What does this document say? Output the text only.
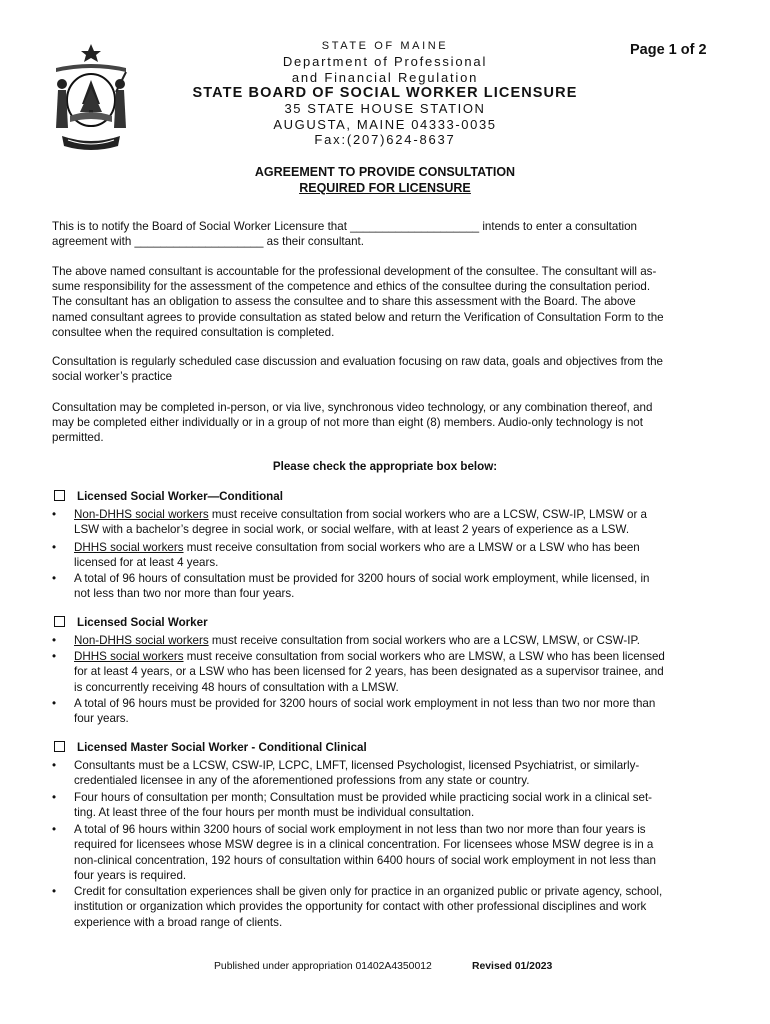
STATE OF MAINE
Department of Professional
and Financial Regulation
STATE BOARD OF SOCIAL WORKER LICENSURE
35 STATE HOUSE STATION
AUGUSTA, MAINE 04333-0035
Fax:(207)624-8637
Page 1 of 2
AGREEMENT TO PROVIDE CONSULTATION
REQUIRED FOR LICENSURE
This is to notify the Board of Social Worker Licensure that ____________________ intends to enter a consultation
agreement with ____________________ as their consultant.
The above named consultant is accountable for the professional development of the consultee. The consultant will as-
sume responsibility for the assessment of the competence and ethics of the consultee during the consultation period.
The consultant has an obligation to assess the consultee and to share this assessment with the Board. The above
named consultant agrees to provide consultation as stated below and return the Verification of Consultation Form to the
consultee when the required consultation is completed.
Consultation is regularly scheduled case discussion and evaluation focusing on raw data, goals and objectives from the
social worker’s practice
Consultation may be completed in-person, or via live, synchronous video technology, or any combination thereof, and
may be completed either individually or in a group of not more than eight (8) members. Audio-only technology is not
permitted.
Please check the appropriate box below:
Licensed Social Worker—Conditional
•	Non-DHHS social workers must receive consultation from social workers who are a LCSW, CSW-IP, LMSW or a
LSW with a bachelor’s degree in social work, or social welfare, with at least 2 years of experience as a LSW.
•	DHHS social workers must receive consultation from social workers who are a LMSW or a LSW who has been
licensed for at least 4 years.
•	A total of 96 hours of consultation must be provided for 3200 hours of social work employment, while licensed, in
not less than two nor more than four years.
Licensed Social Worker
•	Non-DHHS social workers must receive consultation from social workers who are a LCSW, LMSW, or CSW-IP.
•	DHHS social workers must receive consultation from social workers who are LMSW, a LSW who has been licensed
for at least 4 years, or a LSW who has been licensed for 2 years, has been designated as a supervisor trainee, and
is concurrently receiving 48 hours of consultation with a LMSW.
•	A total of 96 hours must be provided for 3200 hours of social work employment in not less than two nor more than
four years.
Licensed Master Social Worker - Conditional Clinical
•	Consultants must be a LCSW, CSW-IP, LCPC, LMFT, licensed Psychologist, licensed Psychiatrist, or similarly-
credentialed licensee in any of the aforementioned professions from any state or country.
•	Four hours of consultation per month; Consultation must be provided while practicing social work in a clinical set-
ting. At least three of the four hours per month must be individual consultation.
•	A total of 96 hours within 3200 hours of social work employment in not less than two nor more than four years is
required for licensees whose MSW degree is in a clinical concentration. For licensees whose MSW degree is in a
non-clinical concentration, 192 hours of consultation within 6400 hours of social work employment in not less than
four years is required.
•	Credit for consultation experiences shall be given only for practice in an organized public or private agency, school,
institution or organization which provides the opportunity for contact with other professional disciplines and work
experience with a broad range of clients.
Published under appropriation 01402A4350012	Revised 01/2023
